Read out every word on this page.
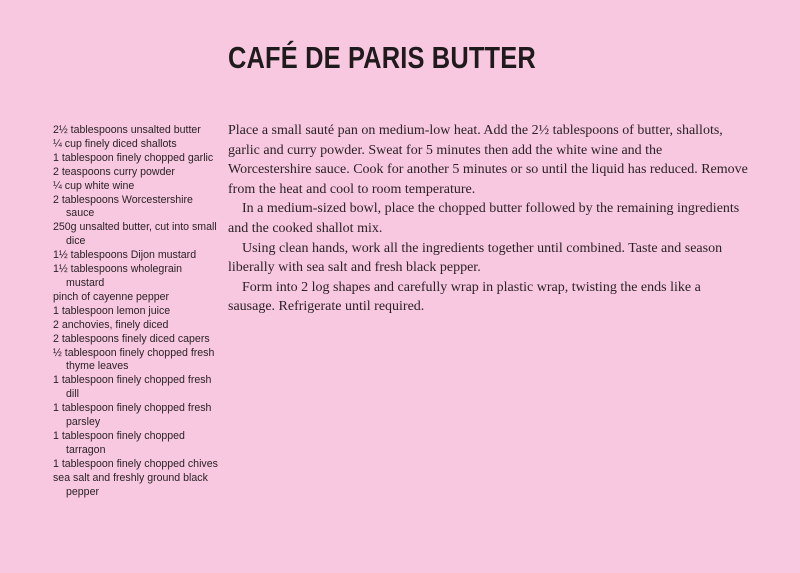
CAFÉ DE PARIS BUTTER
2½ tablespoons unsalted butter
¼ cup finely diced shallots
1 tablespoon finely chopped garlic
2 teaspoons curry powder
¼ cup white wine
2 tablespoons Worcestershire sauce
250g unsalted butter, cut into small dice
1½ tablespoons Dijon mustard
1½ tablespoons wholegrain mustard
pinch of cayenne pepper
1 tablespoon lemon juice
2 anchovies, finely diced
2 tablespoons finely diced capers
½ tablespoon finely chopped fresh thyme leaves
1 tablespoon finely chopped fresh dill
1 tablespoon finely chopped fresh parsley
1 tablespoon finely chopped tarragon
1 tablespoon finely chopped chives
sea salt and freshly ground black pepper

Place a small sauté pan on medium-low heat. Add the 2½ tablespoons of butter, shallots, garlic and curry powder. Sweat for 5 minutes then add the white wine and the Worcestershire sauce. Cook for another 5 minutes or so until the liquid has reduced. Remove from the heat and cool to room temperature.

In a medium-sized bowl, place the chopped butter followed by the remaining ingredients and the cooked shallot mix.

Using clean hands, work all the ingredients together until combined. Taste and season liberally with sea salt and fresh black pepper.

Form into 2 log shapes and carefully wrap in plastic wrap, twisting the ends like a sausage. Refrigerate until required.
